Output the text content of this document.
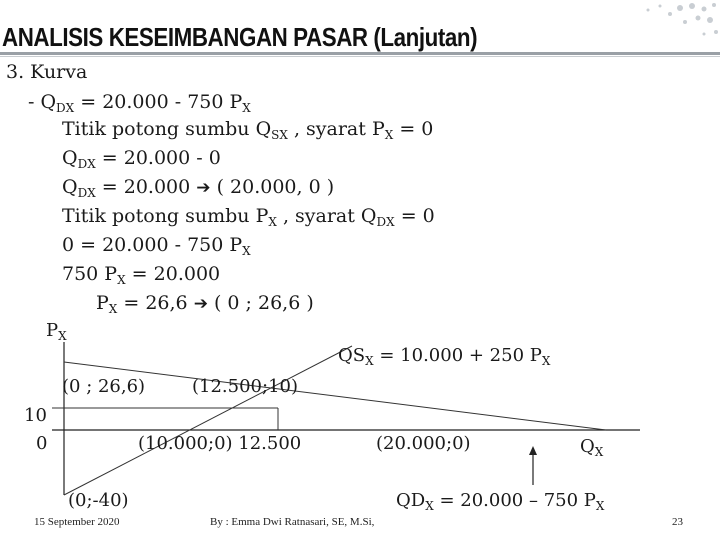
ANALISIS KESEIMBANGAN PASAR (Lanjutan)
3. Kurva
- $Q_{DX} = 20.000 - 750$ $P_X$
Titik potong sumbu $Q_{SX}$ , syarat $P_X = 0$
$Q_{DX} = 20.000 - 0$
$Q_{DX} = 20.000$ ➔ ( 20.000, 0 )
Titik potong sumbu $P_X$ , syarat $Q_{DX} = 0$
0 = 20.000 - 750 $P_X$
750 $P_X = 20.000$
$P_X = 26,6$ ➔ ( 0 ; 26,6 )
$P_X$
$QS_X = 10.000 + 250$ $P_X$
(0 ; 26,6)	(12.500;10)
10
0	(10.000;0) 12.500	(20.000;0)	$Q_X$
(0;-40)	$QD_X = 20.000 - 750$ $P_X$
15 September 2020	By : Emma Dwi Ratnasari, SE, M.Si,	23
